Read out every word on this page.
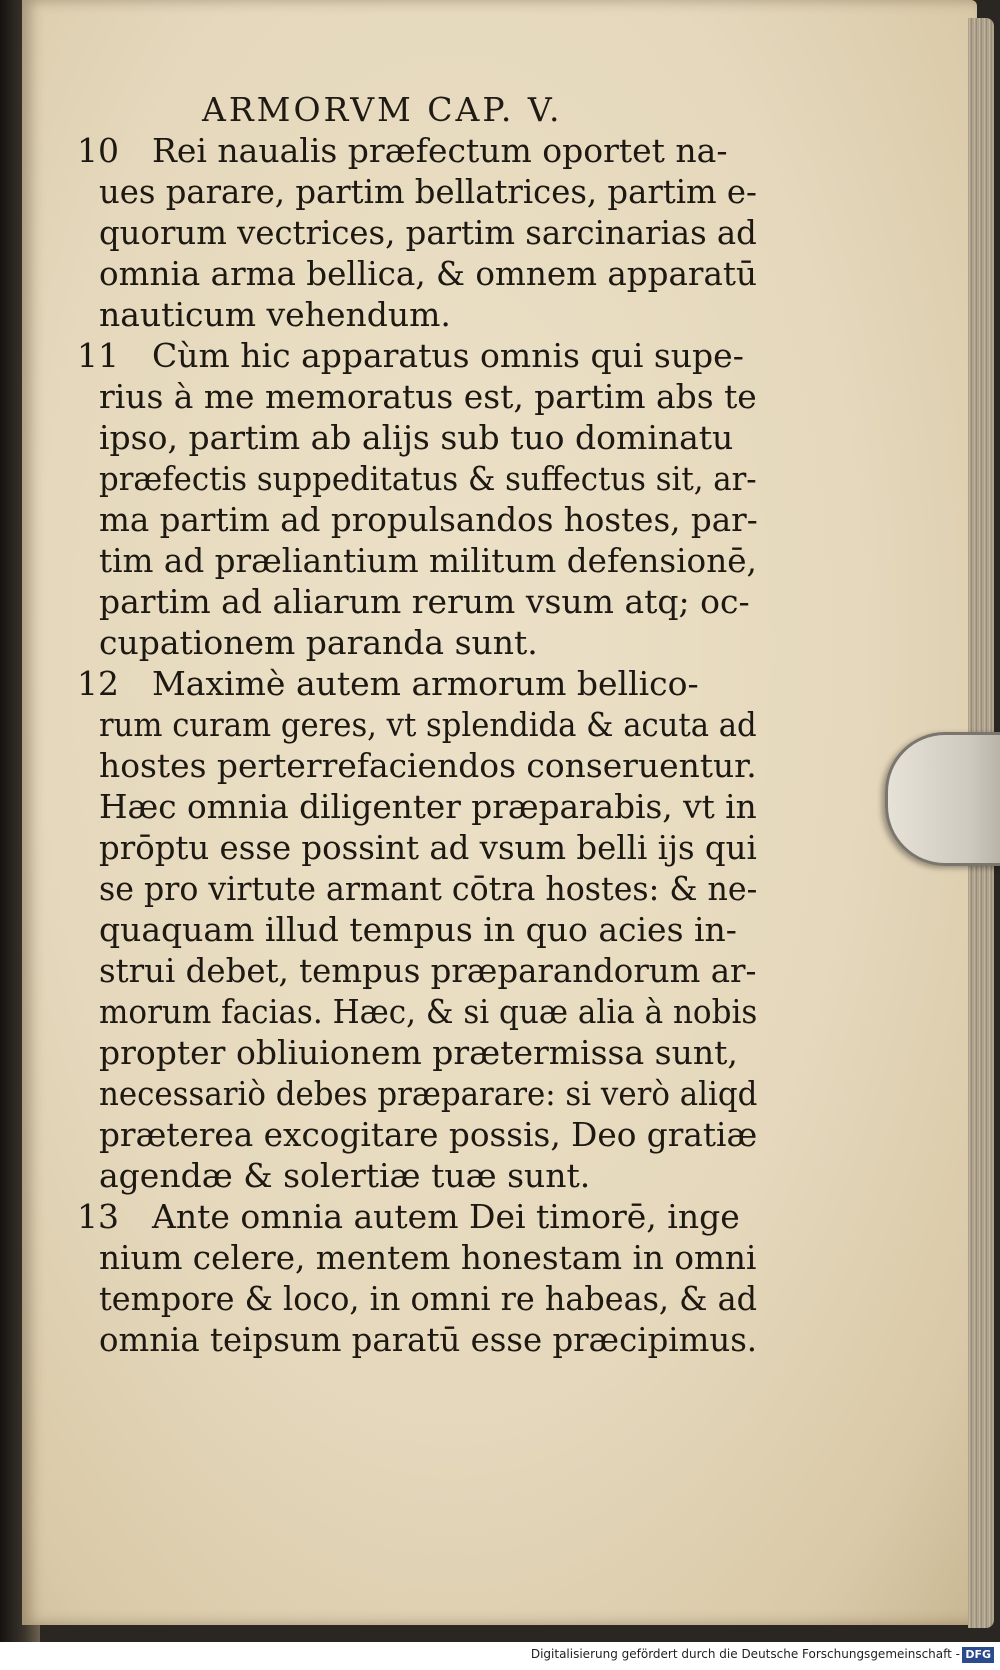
ARMORVM CAP. V.
10 Rei naualis præfectum oportet na-
ues parare, partim bellatrices, partim e-
quorum vectrices, partim sarcinarias ad
omnia arma bellica, & omnem apparatū
nauticum vehendum.
11 Cùm hic apparatus omnis qui supe-
rius à me memoratus est, partim abs te
ipso, partim ab alijs sub tuo dominatu
præfectis suppeditatus & suffectus sit, ar-
ma partim ad propulsandos hostes, par-
tim ad præliantium militum defensionē,
partim ad aliarum rerum vsum atq; oc-
cupationem paranda sunt.
12 Maximè autem armorum bellico-
rum curam geres, vt splendida & acuta ad
hostes perterrefaciendos conseruentur.
Hæc omnia diligenter præparabis, vt in
prōptu esse possint ad vsum belli ijs qui
se pro virtute armant cōtra hostes: & ne-
quaquam illud tempus in quo acies in-
strui debet, tempus præparandorum ar-
morum facias. Hæc, & si quæ alia à nobis
propter obliuionem prætermissa sunt,
necessariò debes præparare: si verò aliqd
præterea excogitare possis, Deo gratiæ
agendæ & solertiæ tuæ sunt.
13 Ante omnia autem Dei timorē, inge
nium celere, mentem honestam in omni
tempore & loco, in omni re habeas, & ad
omnia teipsum paratū esse præcipimus.
Digitalisierung gefördert durch die Deutsche Forschungsgemeinschaft - DFG
